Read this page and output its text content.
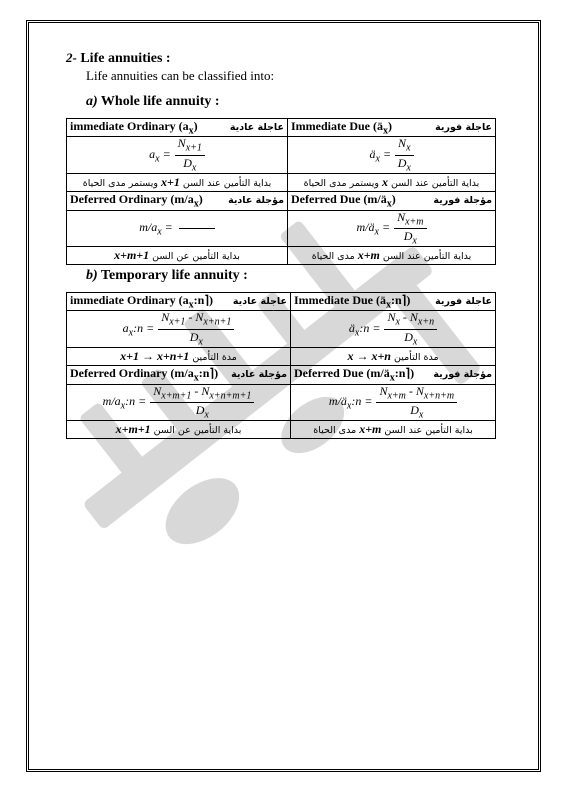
2- Life annuities :
Life annuities can be classified into:
a) Whole life annuity :
immediate Ordinary $(a_x)$ عاجلة عادية	Immediate Due $(ä_x)$ عاجلة فورية

$a_x = \frac{N_{x+1}}{D_x}$	$ä_x = \frac{N_x}{D_x}$

بداية التأمين عند السن x+1 ويستمر مدى الحياة	بداية التأمين عند السن x ويستمر مدى الحياة

Deferred Ordinary $(m/a_x)$ مؤجلة عادية	Deferred Due $(m/ä_x)$ مؤجلة فورية

$m/a_x$ =	$m/ä_x = \frac{N_{x+m}}{D_x}$

بداية التأمين عن السن x+m+1	بداية التأمين عند السن x+m مدى الحياة
b) Temporary life annuity :
immediate Ordinary $(a_x:n⌉)$ عاجلة عادية	Immediate Due $(ä_x:n⌉)$ عاجلة فورية

$a_x:n = \frac{N_{x+1} - N_{x+n+1}}{D_x}$	$ä_x:n = \frac{N_x - N_{x+n}}{D_x}$

مدة التأمين x+1 → x+n+1	مدة التأمين x → x+n

Deferred Ordinary $(m/a_x:n⌉)$ مؤجلة عادية	Deferred Due $(m/ä_x:n⌉)$ مؤجلة فورية

$m/a_x:n = \frac{N_{x+m+1} - N_{x+n+m+1}}{D_x}$	$m/ä_x:n = \frac{N_{x+m} - N_{x+n+m}}{D_x}$

بداية التأمين عن السن x+m+1	بداية التأمين عند السن x+m مدى الحياة
